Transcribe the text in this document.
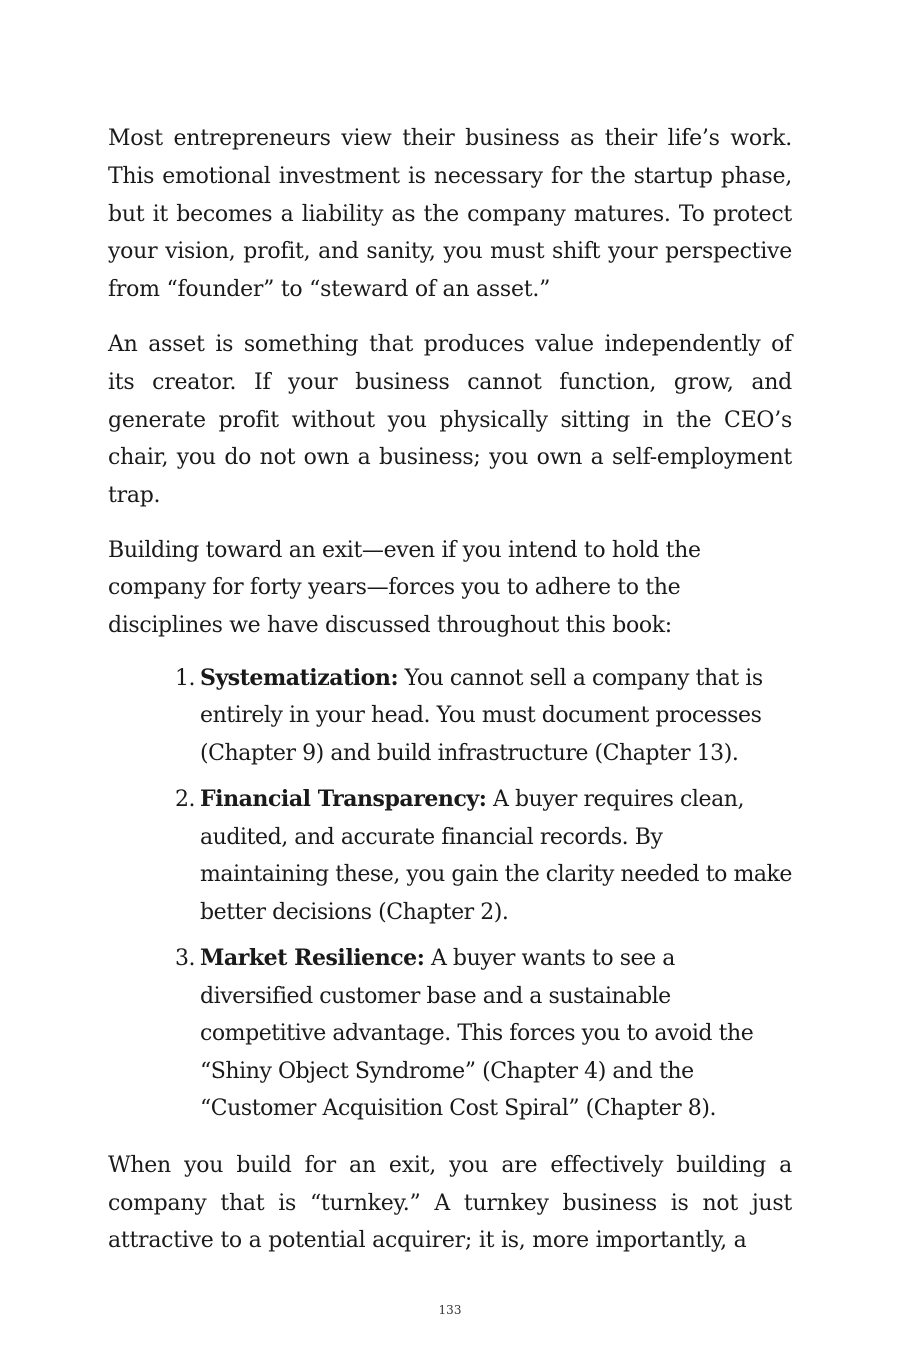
Most entrepreneurs view their business as their life’s work. This emotional investment is necessary for the startup phase, but it becomes a liability as the company matures. To protect your vision, profit, and sanity, you must shift your perspective from “founder” to “steward of an asset.”

An asset is something that produces value independently of its creator. If your business cannot function, grow, and generate profit without you physically sitting in the CEO’s chair, you do not own a business; you own a self-employment trap.

Building toward an exit—even if you intend to hold the company for forty years—forces you to adhere to the disciplines we have discussed throughout this book:

1. Systematization: You cannot sell a company that is entirely in your head. You must document processes (Chapter 9) and build infrastructure (Chapter 13).
2. Financial Transparency: A buyer requires clean, audited, and accurate financial records. By maintaining these, you gain the clarity needed to make better decisions (Chapter 2).
3. Market Resilience: A buyer wants to see a diversified customer base and a sustainable competitive advantage. This forces you to avoid the “Shiny Object Syndrome” (Chapter 4) and the “Customer Acquisition Cost Spiral” (Chapter 8).

When you build for an exit, you are effectively building a company that is “turnkey.” A turnkey business is not just attractive to a potential acquirer; it is, more importantly, a

133
